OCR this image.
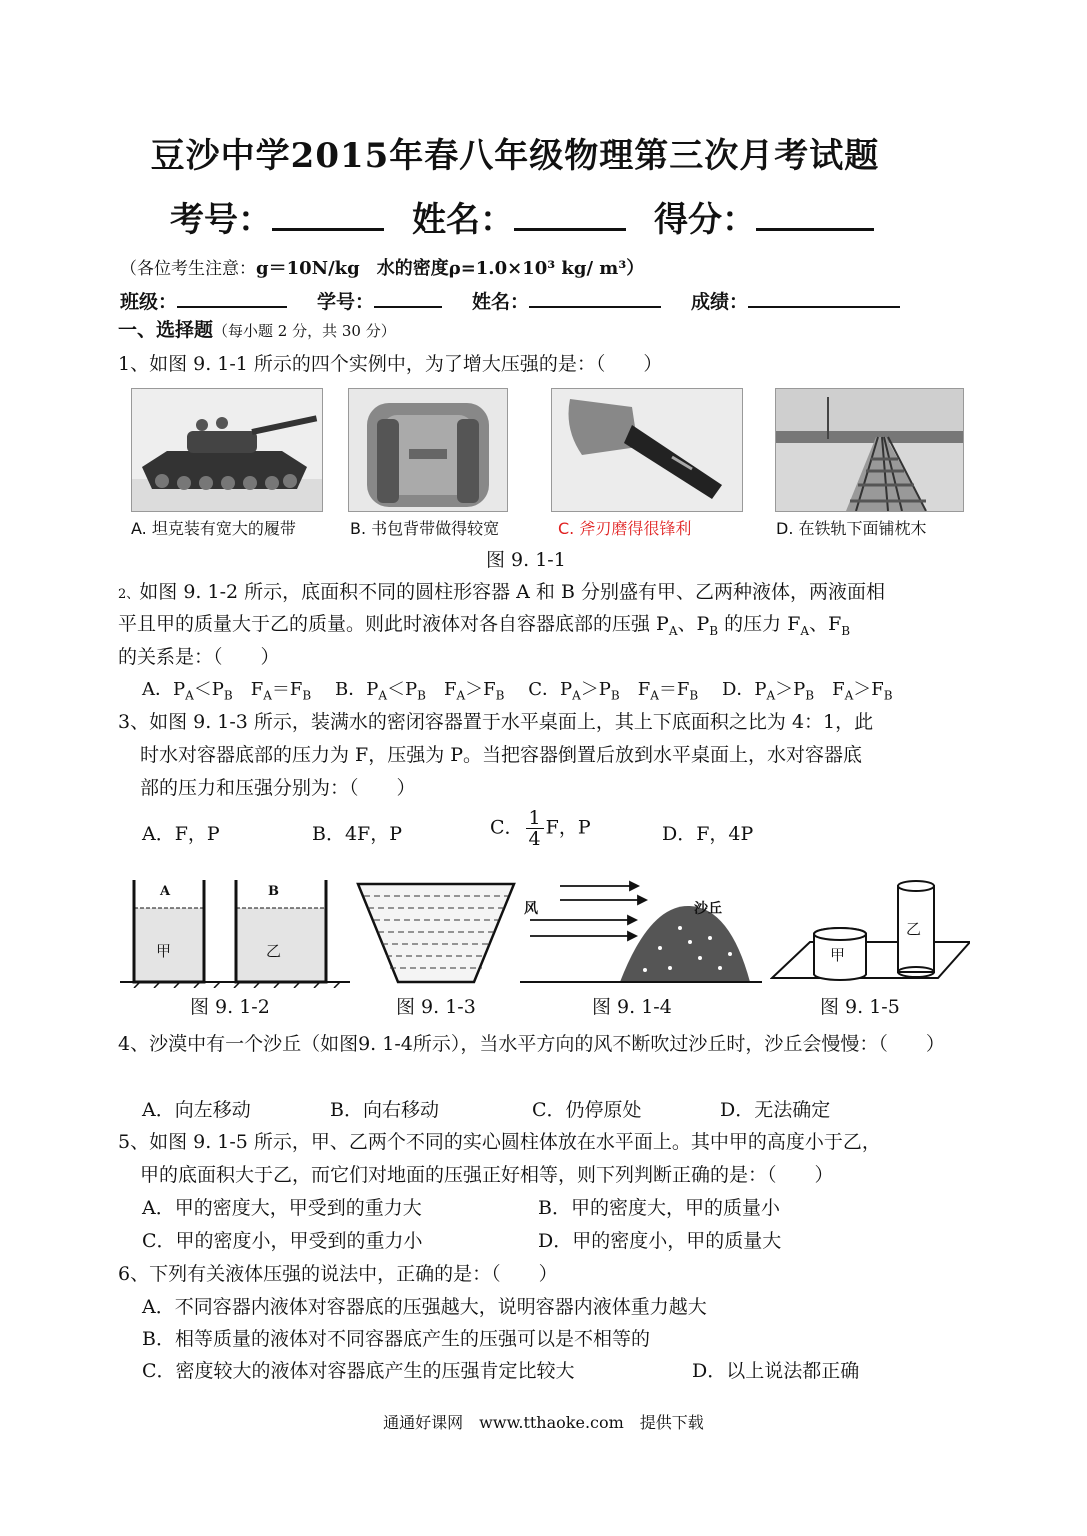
豆沙中学2015年春八年级物理第三次月考试题
考号：	姓名：	得分：
（各位考生注意：g＝10N/kg　 水的密度ρ=1.0×10³ kg/ m³）
班级：	学号：	姓名：	成绩：
一、选择题（每小题 2 分，共 30 分）
1、如图 9. 1-1 所示的四个实例中，为了增大压强的是：（　　）
A. 坦克装有宽大的履带	B. 书包背带做得较宽	C. 斧刃磨得很锋利	D. 在铁轨下面铺枕木
图 9. 1-1
2、如图 9. 1-2 所示，底面积不同的圆柱形容器 A 和 B 分别盛有甲、乙两种液体，两液面相
平且甲的质量大于乙的质量。则此时液体对各自容器底部的压强 $P_A$、$P_B$ 的压力 $F_A$、$F_B$
的关系是：（　　）
A．$P_A<P_B$　$F_A=F_B$　 B．$P_A<P_B$　$F_A>F_B$　 C．$P_A>P_B$　$F_A=F_B$　 D．$P_A>P_B$　$F_A>F_B$
3、如图 9. 1-3 所示，装满水的密闭容器置于水平桌面上，其上下底面积之比为 4：1，此
时水对容器底部的压力为 F，压强为 P。当把容器倒置后放到水平桌面上，水对容器底
部的压力和压强分别为：（　　）
A．F，P	B．4F，P	C． $\frac{1}{4}$ F，P	D．F，4P
A	B
甲	乙
图 9. 1-2	图 9. 1-3
风	沙丘
图 9. 1-4
甲
乙
图 9. 1-5
4、沙漠中有一个沙丘（如图9. 1-4所示），当水平方向的风不断吹过沙丘时，沙丘会慢慢：（　　）
A．向左移动	B．向右移动	C．仍停原处	D．无法确定
5、如图 9. 1-5 所示，甲、乙两个不同的实心圆柱体放在水平面上。其中甲的高度小于乙，
甲的底面积大于乙，而它们对地面的压强正好相等，则下列判断正确的是：（　　）
A．甲的密度大，甲受到的重力大	B．甲的密度大，甲的质量小
C．甲的密度小，甲受到的重力小	D．甲的密度小，甲的质量大
6、下列有关液体压强的说法中，正确的是：（　　）
A．不同容器内液体对容器底的压强越大，说明容器内液体重力越大
B．相等质量的液体对不同容器底产生的压强可以是不相等的
C．密度较大的液体对容器底产生的压强肯定比较大	D．以上说法都正确
通通好课网　www.tthaoke.com　提供下载
